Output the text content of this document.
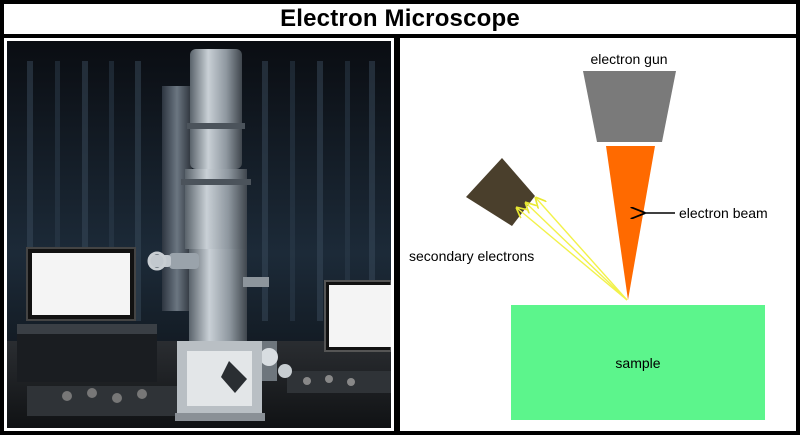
Electron Microscope
electron gun
electron beam
secondary electrons
sample
